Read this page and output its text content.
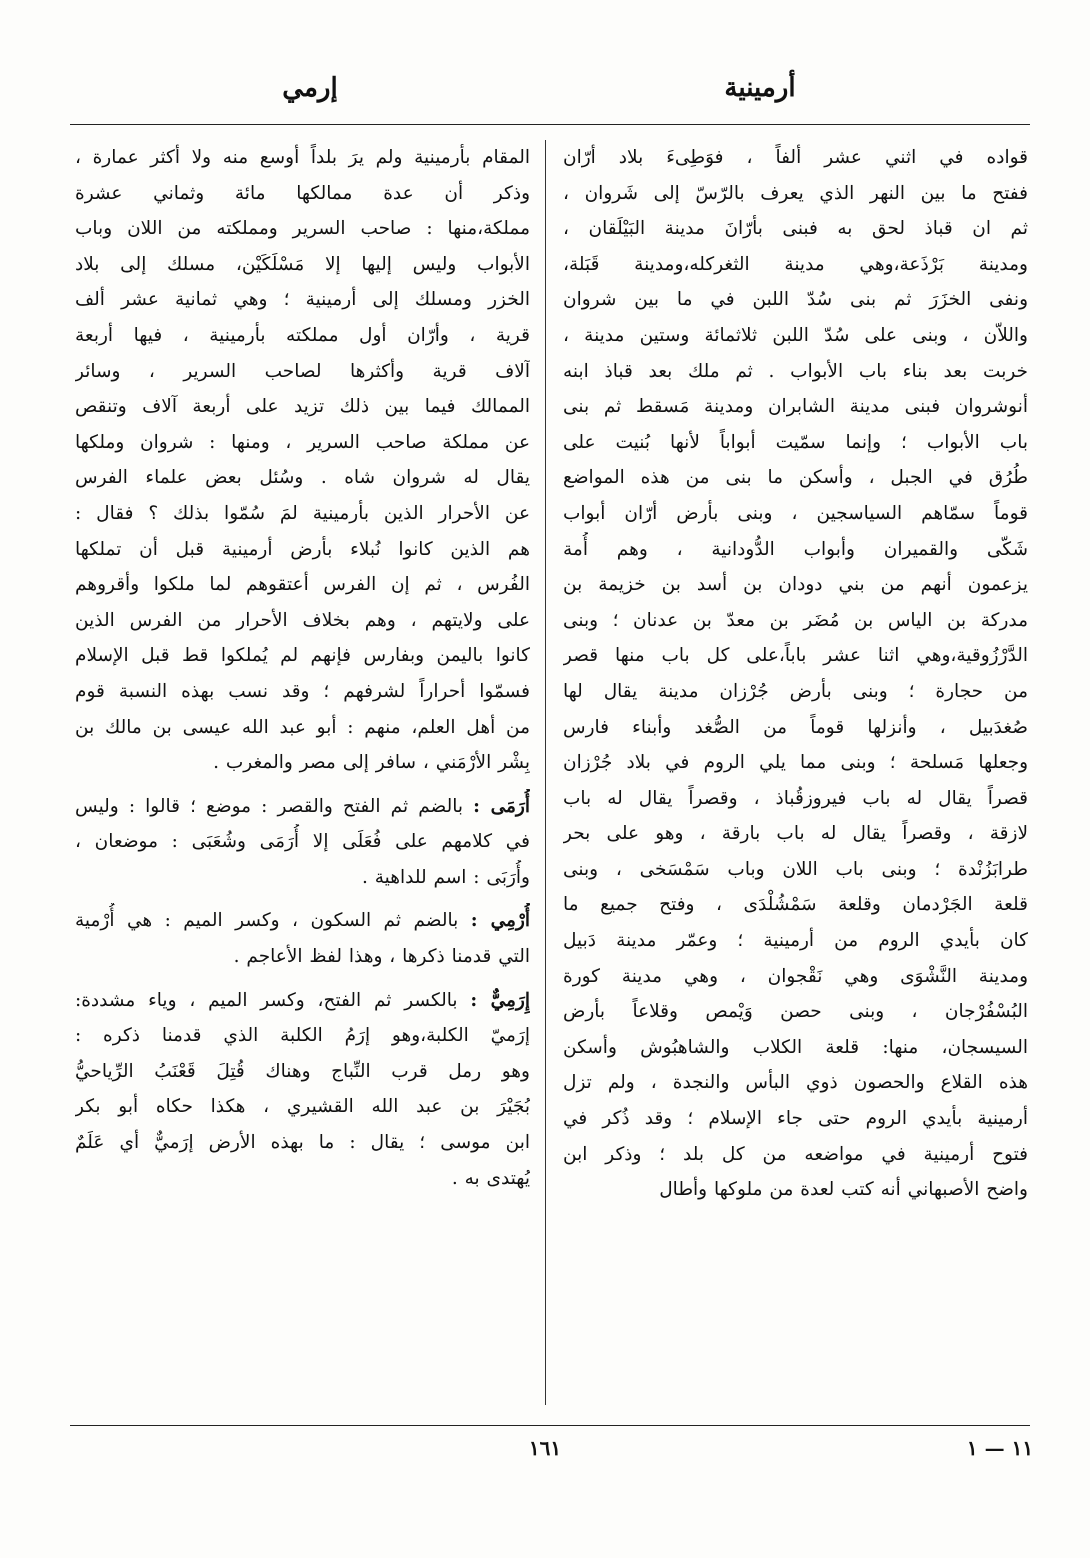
أرمينية
إرمي
قواده في اثني عشر ألفاً ، فوَطِىءَ بلاد أرّان
ففتح ما بين النهر الذي يعرف بالرّسّ إلى شَروان ،
ثم ان قباذ لحق به فبنى بأرّانَ مدينة البَيْلَقان ،
ومدينة بَرْذَعة،وهي مدينة الثغركله،ومدينة قَبَلة،
ونفى الخزَرَ ثم بنى سُدّ اللبن في ما بين شروان
واللاّن ، وبنى على سُدّ اللبن ثلاثمائة وستين مدينة ،
خربت بعد بناء باب الأبواب . ثم ملك بعد قباذ ابنه
أنوشروان فبنى مدينة الشابران ومدينة مَسقط ثم بنى
باب الأبواب ؛ وإنما سمّيت أبواباً لأنها بُنيت على
طُرُق في الجبل ، وأسكن ما بنى من هذه المواضع
قوماً سمّاهم السياسجين ، وبنى بأرض أرّان أبواب
شَكّى والقميران وأبواب الدُّودانية ، وهم أُمة
يزعمون أنهم من بني دودان بن أسد بن خزيمة بن
مدركة بن الياس بن مُضَر بن معدّ بن عدنان ؛ وبنى
الدَّرْزُوقية،وهي اثنا عشر باباً،على كل باب منها قصر
من حجارة ؛ وبنى بأرض جُرْزان مدينة يقال لها
صُغدَبيل ، وأنزلها قوماً من الصُّغد وأبناء فارس
وجعلها مَسلحة ؛ وبنى مما يلي الروم في بلاد جُرْزان
قصراً يقال له باب فيروزقُباذ ، وقصراً يقال له باب
لازقة ، وقصراً يقال له باب بارقة ، وهو على بحر
طرابَزُنْدة ؛ وبنى باب اللان وباب سَمْسَخى ، وبنى
قلعة الجَرْدمان وقلعة سَمْشُلْدَى ، وفتح جميع ما
كان بأيدي الروم من أرمينية ؛ وعمّر مدينة دَبيل
ومدينة النَّشْوَى وهي نَقْجوان ، وهي مدينة كورة
البُسْفُرْجان ، وبنى حصن وَيْمص وقلاعاً بأرض
السيسجان، منها: قلعة الكلاب والشاهبُوش وأسكن
هذه القلاع والحصون ذوي البأس والنجدة ، ولم تزل
أرمينية بأيدي الروم حتى جاء الإسلام ؛ وقد ذُكر في
فتوح أرمينية في مواضعه من كل بلد ؛ وذكر ابن
واضح الأصبهاني أنه كتب لعدة من ملوكها وأطال
المقام بأرمينية ولم يرَ بلداً أوسع منه ولا أكثر عمارة ،
وذكر أن عدة ممالكها مائة وثماني عشرة
مملكة،منها : صاحب السرير ومملكته من اللان وباب
الأبواب وليس إليها إلا مَسْلَكَيْن، مسلك إلى بلاد
الخزر ومسلك إلى أرمينية ؛ وهي ثمانية عشر ألف
قرية ، وأرّان أول مملكته بأرمينية ، فيها أربعة
آلاف قرية وأكثرها لصاحب السرير ، وسائر
الممالك فيما بين ذلك تزيد على أربعة آلاف وتنقص
عن مملكة صاحب السرير ، ومنها : شروان وملكها
يقال له شروان شاه . وسُئل بعض علماء الفرس
عن الأحرار الذين بأرمينية لمَ سُمّوا بذلك ؟ فقال :
هم الذين كانوا نُبلاء بأرض أرمينية قبل أن تملكها
الفُرس ، ثم إن الفرس أعتقوهم لما ملكوا وأقروهم
على ولايتهم ، وهم بخلاف الأحرار من الفرس الذين
كانوا باليمن وبفارس فإنهم لم يُملكوا قط قبل الإسلام
فسمّوا أحراراً لشرفهم ؛ وقد نسب بهذه النسبة قوم
من أهل العلم، منهم : أبو عبد الله عيسى بن مالك بن
بِشْر الأرْمَني ، سافر إلى مصر والمغرب .
أُرَمَى : بالضم ثم الفتح والقصر : موضع ؛ قالوا : وليس
في كلامهم على فُعَلَى إلا أُرَمَى وشُعَبَى : موضعان ،
وأُرَبَى : اسم للداهية .
أُرْمِي : بالضم ثم السكون ، وكسر الميم : هي أُرْمية
التي قدمنا ذكرها ، وهذا لفظ الأعاجم .
إِرَمِيٌّ : بالكسر ثم الفتح، وكسر الميم ، وياء مشددة:
إرَميّ الكلبة،وهو إرَمُ الكلبة الذي قدمنا ذكره :
وهو رمل قرب النِّباج وهناك قُتِلَ قَعْنَبُ الرِّياحيُّ
بُجَيْرَ بن عبد الله القشيري ، هكذا حكاه أبو بكر
ابن موسى ؛ يقال : ما بهذه الأرض إرَميٌّ أي عَلَمٌ
يُهتدى به .
١٦١	١١ — ١
